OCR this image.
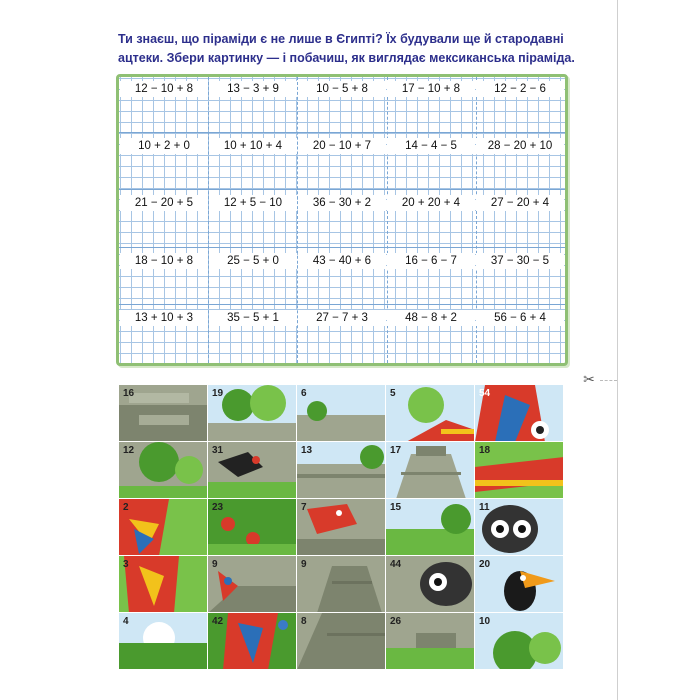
Ти знаєш, що піраміди є не лише в Єгипті? Їх будували ще й стародавні
ацтеки. Збери картинку — і побачиш, як виглядає мексиканська піраміда.

12 − 10 + 8	13 − 3 + 9	10 − 5 + 8	17 − 10 + 8	12 − 2 − 6
10 + 2 + 0	10 + 10 + 4	20 − 10 + 7	14 − 4 − 5	28 − 20 + 10
21 − 20 + 5	12 + 5 − 10	36 − 30 + 2	20 + 20 + 4	27 − 20 + 4
18 − 10 + 8	25 − 5 + 0	43 − 40 + 6	16 − 6 − 7	37 − 30 − 5
13 + 10 + 3	35 − 5 + 1	27 − 7 + 3	48 − 8 + 2	56 − 6 + 4
✂
16	19	6	5	54
12	31	13	17	18
2	23	7	15	11
3	9	9	44	20
4	42	8	26	10
